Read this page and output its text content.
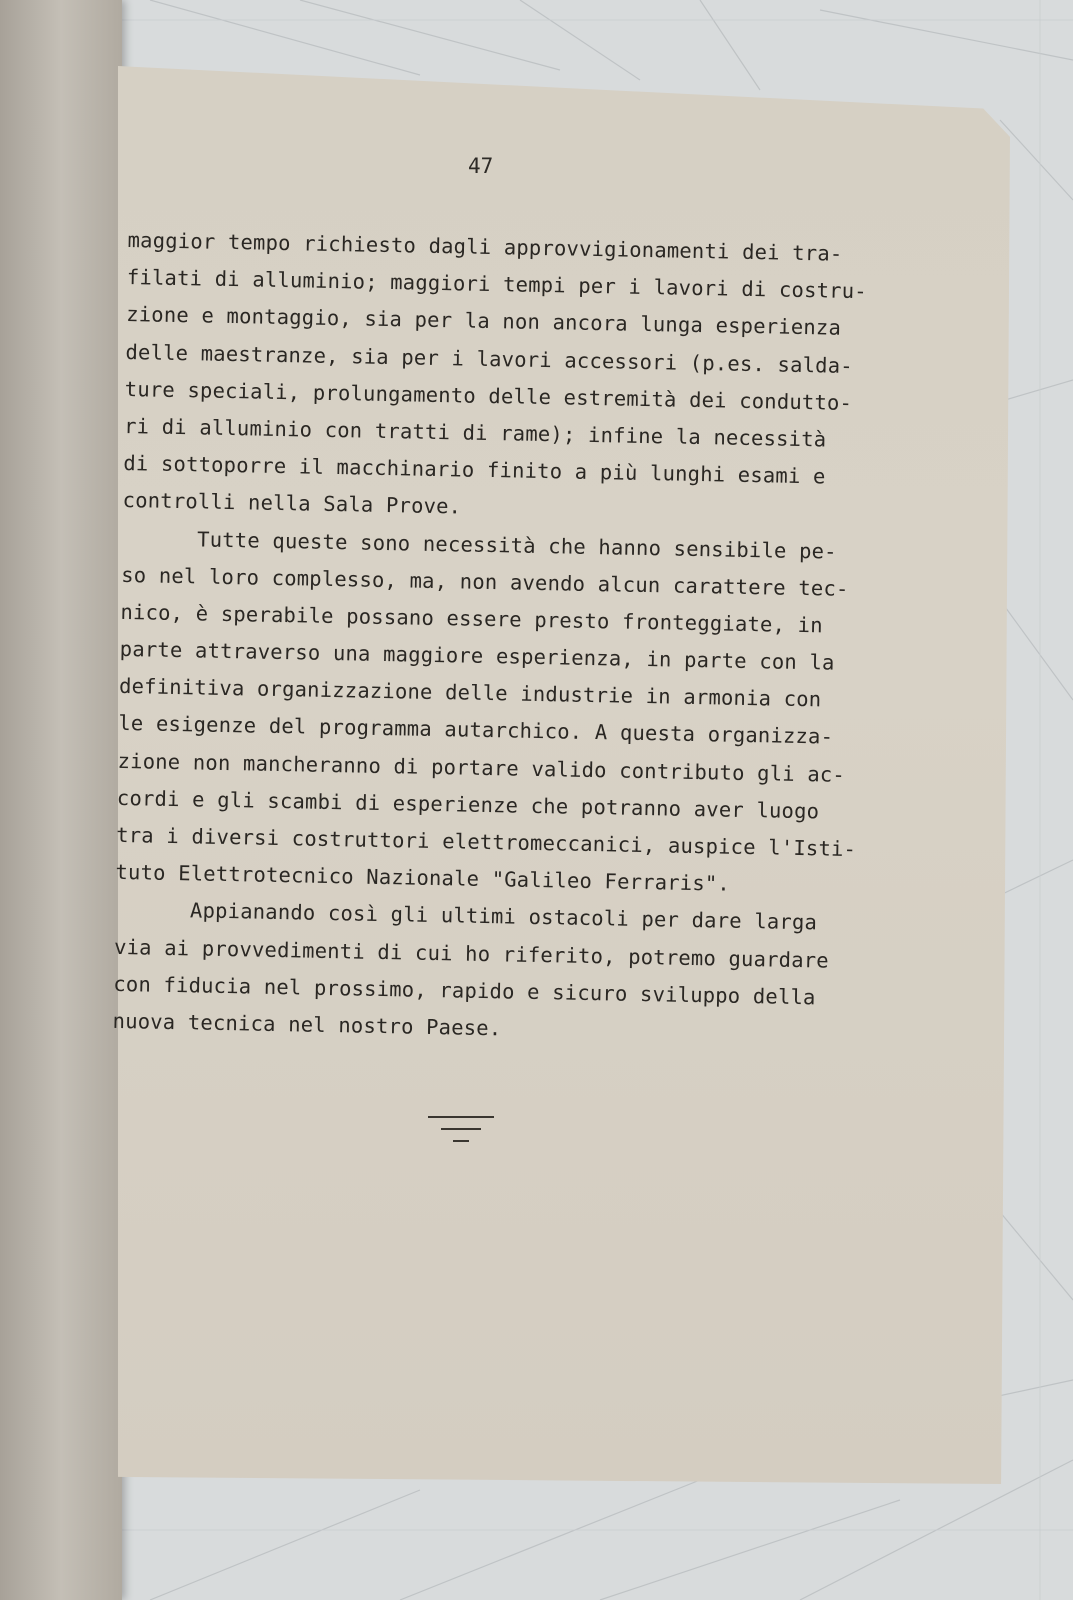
47
maggior tempo richiesto dagli approvvigionamenti dei tra-
filati di alluminio; maggiori tempi per i lavori di costru-
zione e montaggio, sia per la non ancora lunga esperienza
delle maestranze, sia per i lavori accessori (p.es. salda-
ture speciali, prolungamento delle estremità dei condutto-
ri di alluminio con tratti di rame); infine la necessità
di sottoporre il macchinario finito a più lunghi esami e
controlli nella Sala Prove.
Tutte queste sono necessità che hanno sensibile pe-
so nel loro complesso, ma, non avendo alcun carattere tec-
nico, è sperabile possano essere presto fronteggiate, in
parte attraverso una maggiore esperienza, in parte con la
definitiva organizzazione delle industrie in armonia con
le esigenze del programma autarchico. A questa organizza-
zione non mancheranno di portare valido contributo gli ac-
cordi e gli scambi di esperienze che potranno aver luogo
tra i diversi costruttori elettromeccanici, auspice l'Isti-
tuto Elettrotecnico Nazionale "Galileo Ferraris".
Appianando così gli ultimi ostacoli per dare larga
via ai provvedimenti di cui ho riferito, potremo guardare
con fiducia nel prossimo, rapido e sicuro sviluppo della
nuova tecnica nel nostro Paese.
